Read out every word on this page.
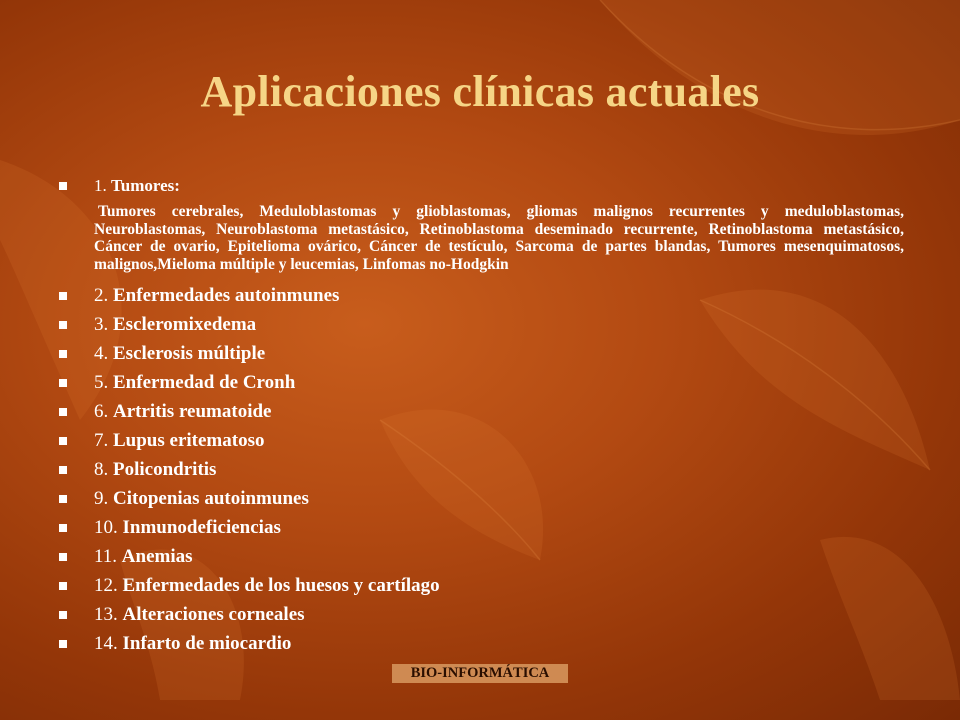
Aplicaciones clínicas actuales
1. Tumores:
Tumores cerebrales, Meduloblastomas y glioblastomas, gliomas malignos recurrentes y meduloblastomas, Neuroblastomas, Neuroblastoma metastásico, Retinoblastoma deseminado recurrente, Retinoblastoma metastásico, Cáncer de ovario, Epitelioma ovárico, Cáncer de testículo, Sarcoma de partes blandas, Tumores mesenquimatosos, malignos,Mieloma múltiple y leucemias, Linfomas no-Hodgkin
2. Enfermedades autoinmunes
3. Escleromixedema
4. Esclerosis múltiple
5. Enfermedad de Cronh
6. Artritis reumatoide
7. Lupus eritematoso
8. Policondritis
9. Citopenias autoinmunes
10. Inmunodeficiencias
11. Anemias
12. Enfermedades de los huesos y cartílago
13. Alteraciones corneales
14. Infarto de miocardio
BIO-INFORMÁTICA
